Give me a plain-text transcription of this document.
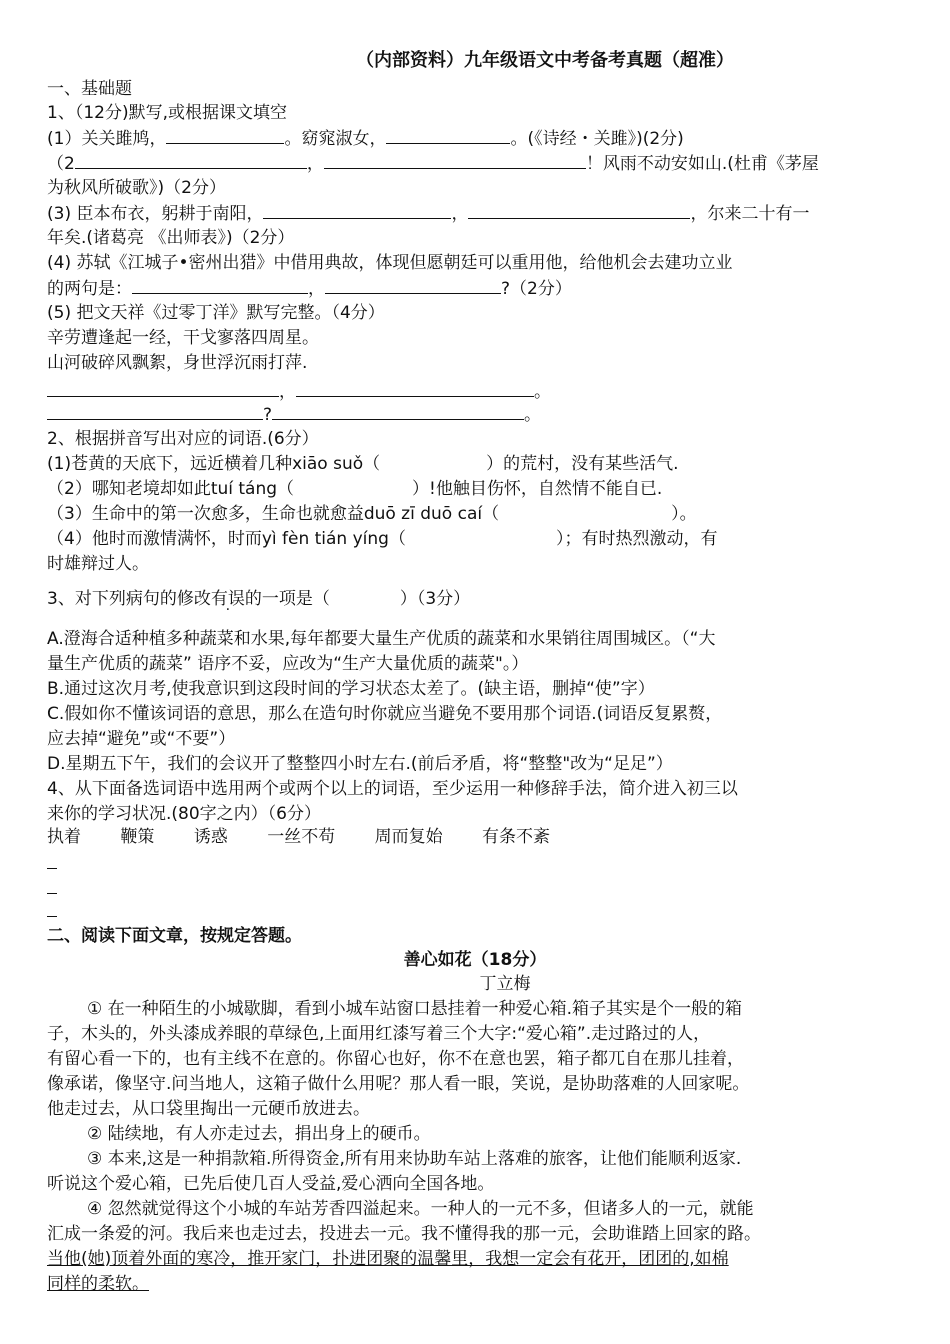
（内部资料）九年级语文中考备考真题（超准）
一、基础题
1、（12分)默写,或根据课文填空
(1）关关雎鸠，	。窈窕淑女，	。(《诗经・关雎》)(2分)
（2	，	！风雨不动安如山.(杜甫《茅屋
为秋风所破歌》)（2分）
(3) 臣本布衣，躬耕于南阳，	，	，尔来二十有一
年矣.(诸葛亮 《出师表》)（2分）
(4) 苏轼《江城子•密州出猎》中借用典故，体现但愿朝廷可以重用他，给他机会去建功立业
的两句是：	，	?（2分）
(5) 把文天祥《过零丁洋》默写完整。（4分）
辛劳遭逢起一经，干戈寥落四周星。
山河破碎风飘絮，身世浮沉雨打萍.
，	。
?	。
2、根据拼音写出对应的词语.(6分）
(1)苍黄的天底下，远近横着几种xiāo suǒ（	）的荒村，没有某些活气.
（2）哪知老境却如此tuí táng（	）!他触目伤怀，自然情不能自已.
（3）生命中的第一次愈多，生命也就愈益duō zī duō caí（	）。
（4）他时而激情满怀，时而yì fèn tián yíng（	）；有时热烈激动，有
时雄辩过人。
3、对下列病句的修改有误的一项是（	）（3分）
A.澄海合适种植多种蔬菜和水果,每年都要大量生产优质的蔬菜和水果销往周围城区。（“大
量生产优质的蔬菜” 语序不妥，应改为“生产大量优质的蔬菜"。）
B.通过这次月考,使我意识到这段时间的学习状态太差了。(缺主语，删掉“使”字）
C.假如你不懂该词语的意思，那么在造句时你就应当避免不要用那个词语.(词语反复累赘，
应去掉“避免”或“不要”）
D.星期五下午，我们的会议开了整整四小时左右.(前后矛盾，将“整整"改为“足足”）
4、从下面备选词语中选用两个或两个以上的词语，至少运用一种修辞手法，简介进入初三以
来你的学习状况.(80字之内）（6分）
执着 鞭策 诱惑 一丝不苟 周而复始 有条不紊
二、阅读下面文章，按规定答题。
善心如花（18分）
丁立梅
① 在一种陌生的小城歇脚，看到小城车站窗口悬挂着一种爱心箱.箱子其实是个一般的箱
子，木头的，外头漆成养眼的草绿色,上面用红漆写着三个大字:“爱心箱”.走过路过的人，
有留心看一下的，也有主线不在意的。你留心也好，你不在意也罢，箱子都兀自在那儿挂着，
像承诺，像坚守.问当地人，这箱子做什么用呢？那人看一眼，笑说，是协助落难的人回家呢。
他走过去，从口袋里掏出一元硬币放进去。
② 陆续地，有人亦走过去，捐出身上的硬币。
③ 本来,这是一种捐款箱.所得资金,所有用来协助车站上落难的旅客，让他们能顺利返家.
听说这个爱心箱，已先后使几百人受益,爱心洒向全国各地。
④ 忽然就觉得这个小城的车站芳香四溢起来。一种人的一元不多，但诸多人的一元，就能
汇成一条爱的河。我后来也走过去，投进去一元。我不懂得我的那一元，会助谁踏上回家的路。
当他(她)顶着外面的寒冷，推开家门，扑进团聚的温馨里，我想一定会有花开，团团的,如棉
同样的柔软。
